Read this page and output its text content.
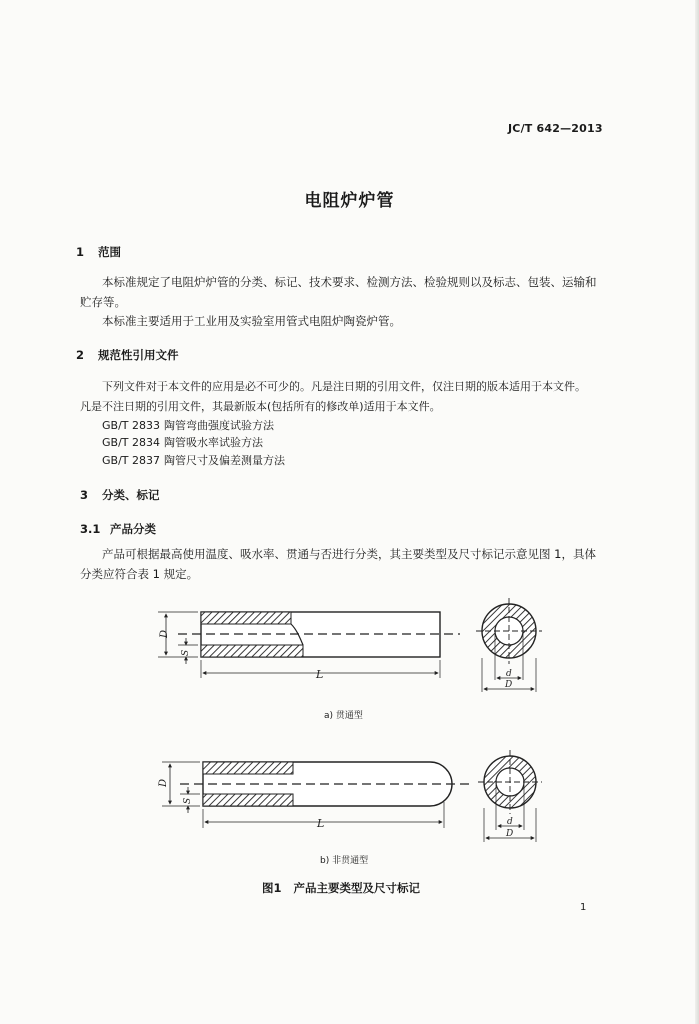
JC/T 642—2013
电阻炉炉管
1 范围
本标准规定了电阻炉炉管的分类、标记、技术要求、检测方法、检验规则以及标志、包装、运输和
贮存等。
本标准主要适用于工业用及实验室用管式电阻炉陶瓷炉管。
2 规范性引用文件
下列文件对于本文件的应用是必不可少的。凡是注日期的引用文件，仅注日期的版本适用于本文件。
凡是不注日期的引用文件，其最新版本(包括所有的修改单)适用于本文件。
GB/T 2833 陶管弯曲强度试验方法
GB/T 2834 陶管吸水率试验方法
GB/T 2837 陶管尺寸及偏差测量方法
3 分类、标记
3.1 产品分类
产品可根据最高使用温度、吸水率、贯通与否进行分类，其主要类型及尺寸标记示意见图 1，具体
分类应符合表 1 规定。
D
S
L	d
D
D
S
L	d
D
a) 贯通型
b) 非贯通型
图1   产品主要类型及尺寸标记
1
